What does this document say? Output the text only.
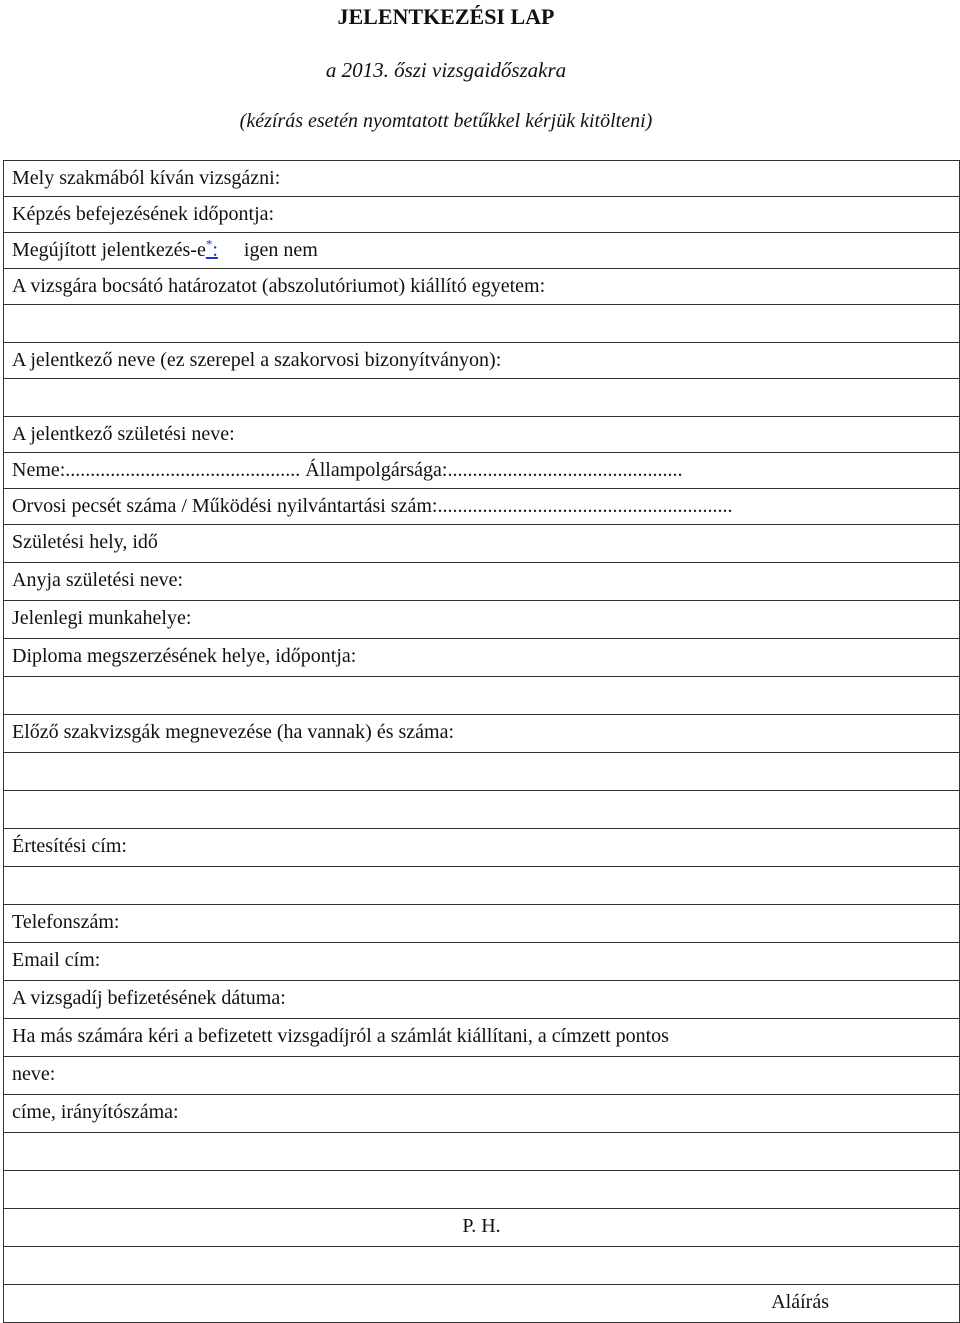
JELENTKEZÉSI LAP
a 2013. őszi vizsgaidőszakra
(kézírás esetén nyomtatott betűkkel kérjük kitölteni)
Mely szakmából kíván vizsgázni:
Képzés befejezésének időpontja:
Megújított jelentkezés-e*: igen nem
A vizsgára bocsátó határozatot (abszolutóriumot) kiállító egyetem:
A jelentkező neve (ez szerepel a szakorvosi bizonyítványon):
A jelentkező születési neve:
Neme:............................................... Állampolgársága:...............................................
Orvosi pecsét száma / Működési nyilvántartási szám:...........................................................
Születési hely, idő
Anyja születési neve:
Jelenlegi munkahelye:
Diploma megszerzésének helye, időpontja:
Előző szakvizsgák megnevezése (ha vannak) és száma:
Értesítési cím:
Telefonszám:
Email cím:
A vizsgadíj befizetésének dátuma:
Ha más számára kéri a befizetett vizsgadíjról a számlát kiállítani, a címzett pontos
neve:
címe, irányítószáma:
P. H.
Aláírás
